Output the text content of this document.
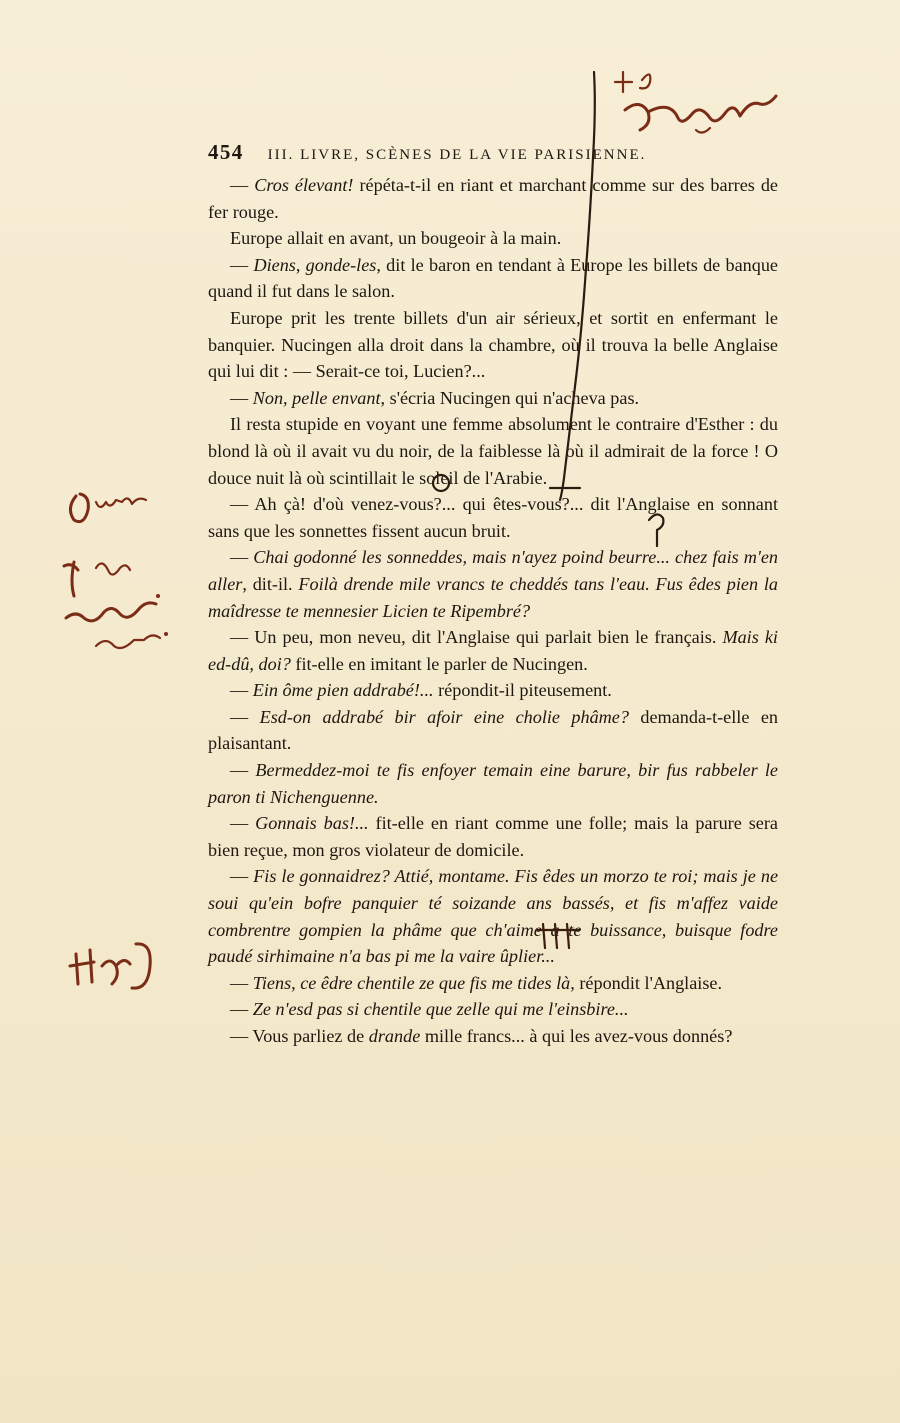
454 III. LIVRE, SCÈNES DE LA VIE PARISIENNE.

— Cros élevant! répéta-t-il en riant et marchant comme sur des barres de fer rouge.

Europe allait en avant, un bougeoir à la main.

— Diens, gonde-les, dit le baron en tendant à Europe les billets de banque quand il fut dans le salon.

Europe prit les trente billets d'un air sérieux, et sortit en enfermant le banquier. Nucingen alla droit dans la chambre, où il trouva la belle Anglaise qui lui dit : — Serait-ce toi, Lucien?...

— Non, pelle envant, s'écria Nucingen qui n'acheva pas.

Il resta stupide en voyant une femme absolument le contraire d'Esther : du blond là où il avait vu du noir, de la faiblesse là où il admirait de la force ! O douce nuit là où scintillait le soleil de l'Arabie.

— Ah çà! d'où venez-vous?... qui êtes-vous?... dit l'Anglaise en sonnant sans que les sonnettes fissent aucun bruit.

— Chai godonné les sonneddes, mais n'ayez poind beurre... chez fais m'en aller, dit-il. Foilà drende mile vrancs te cheddés tans l'eau. Fus êdes pien la maîdresse te mennesier Licien te Ripembré?

— Un peu, mon neveu, dit l'Anglaise qui parlait bien le français. Mais ki ed-dû, doi? fit-elle en imitant le parler de Nucingen.

— Ein ôme pien addrabé!... répondit-il piteusement.

— Esd-on addrabé bir afoir eine cholie phâme? demanda-t-elle en plaisantant.

— Bermeddez-moi te fis enfoyer temain eine barure, bir fus rabbeler le paron ti Nichenguenne.

— Gonnais bas!... fit-elle en riant comme une folle; mais la parure sera bien reçue, mon gros violateur de domicile.

— Fis le gonnaidrez? Attié, montame. Fis êdes un morzo te roi; mais je ne soui qu'ein bofre panquier té soizande ans bassés, et fis m'affez vaide combrentre gompien la phâme que ch'aime a te buissance, buisque fodre paudé sirhimaine n'a bas pi me la vaire ûplier...

— Tiens, ce êdre chentile ze que fis me tides là, répondit l'Anglaise.

— Ze n'esd pas si chentile que zelle qui me l'einsbire...

— Vous parliez de drande mille francs... à qui les avez-vous donnés?
